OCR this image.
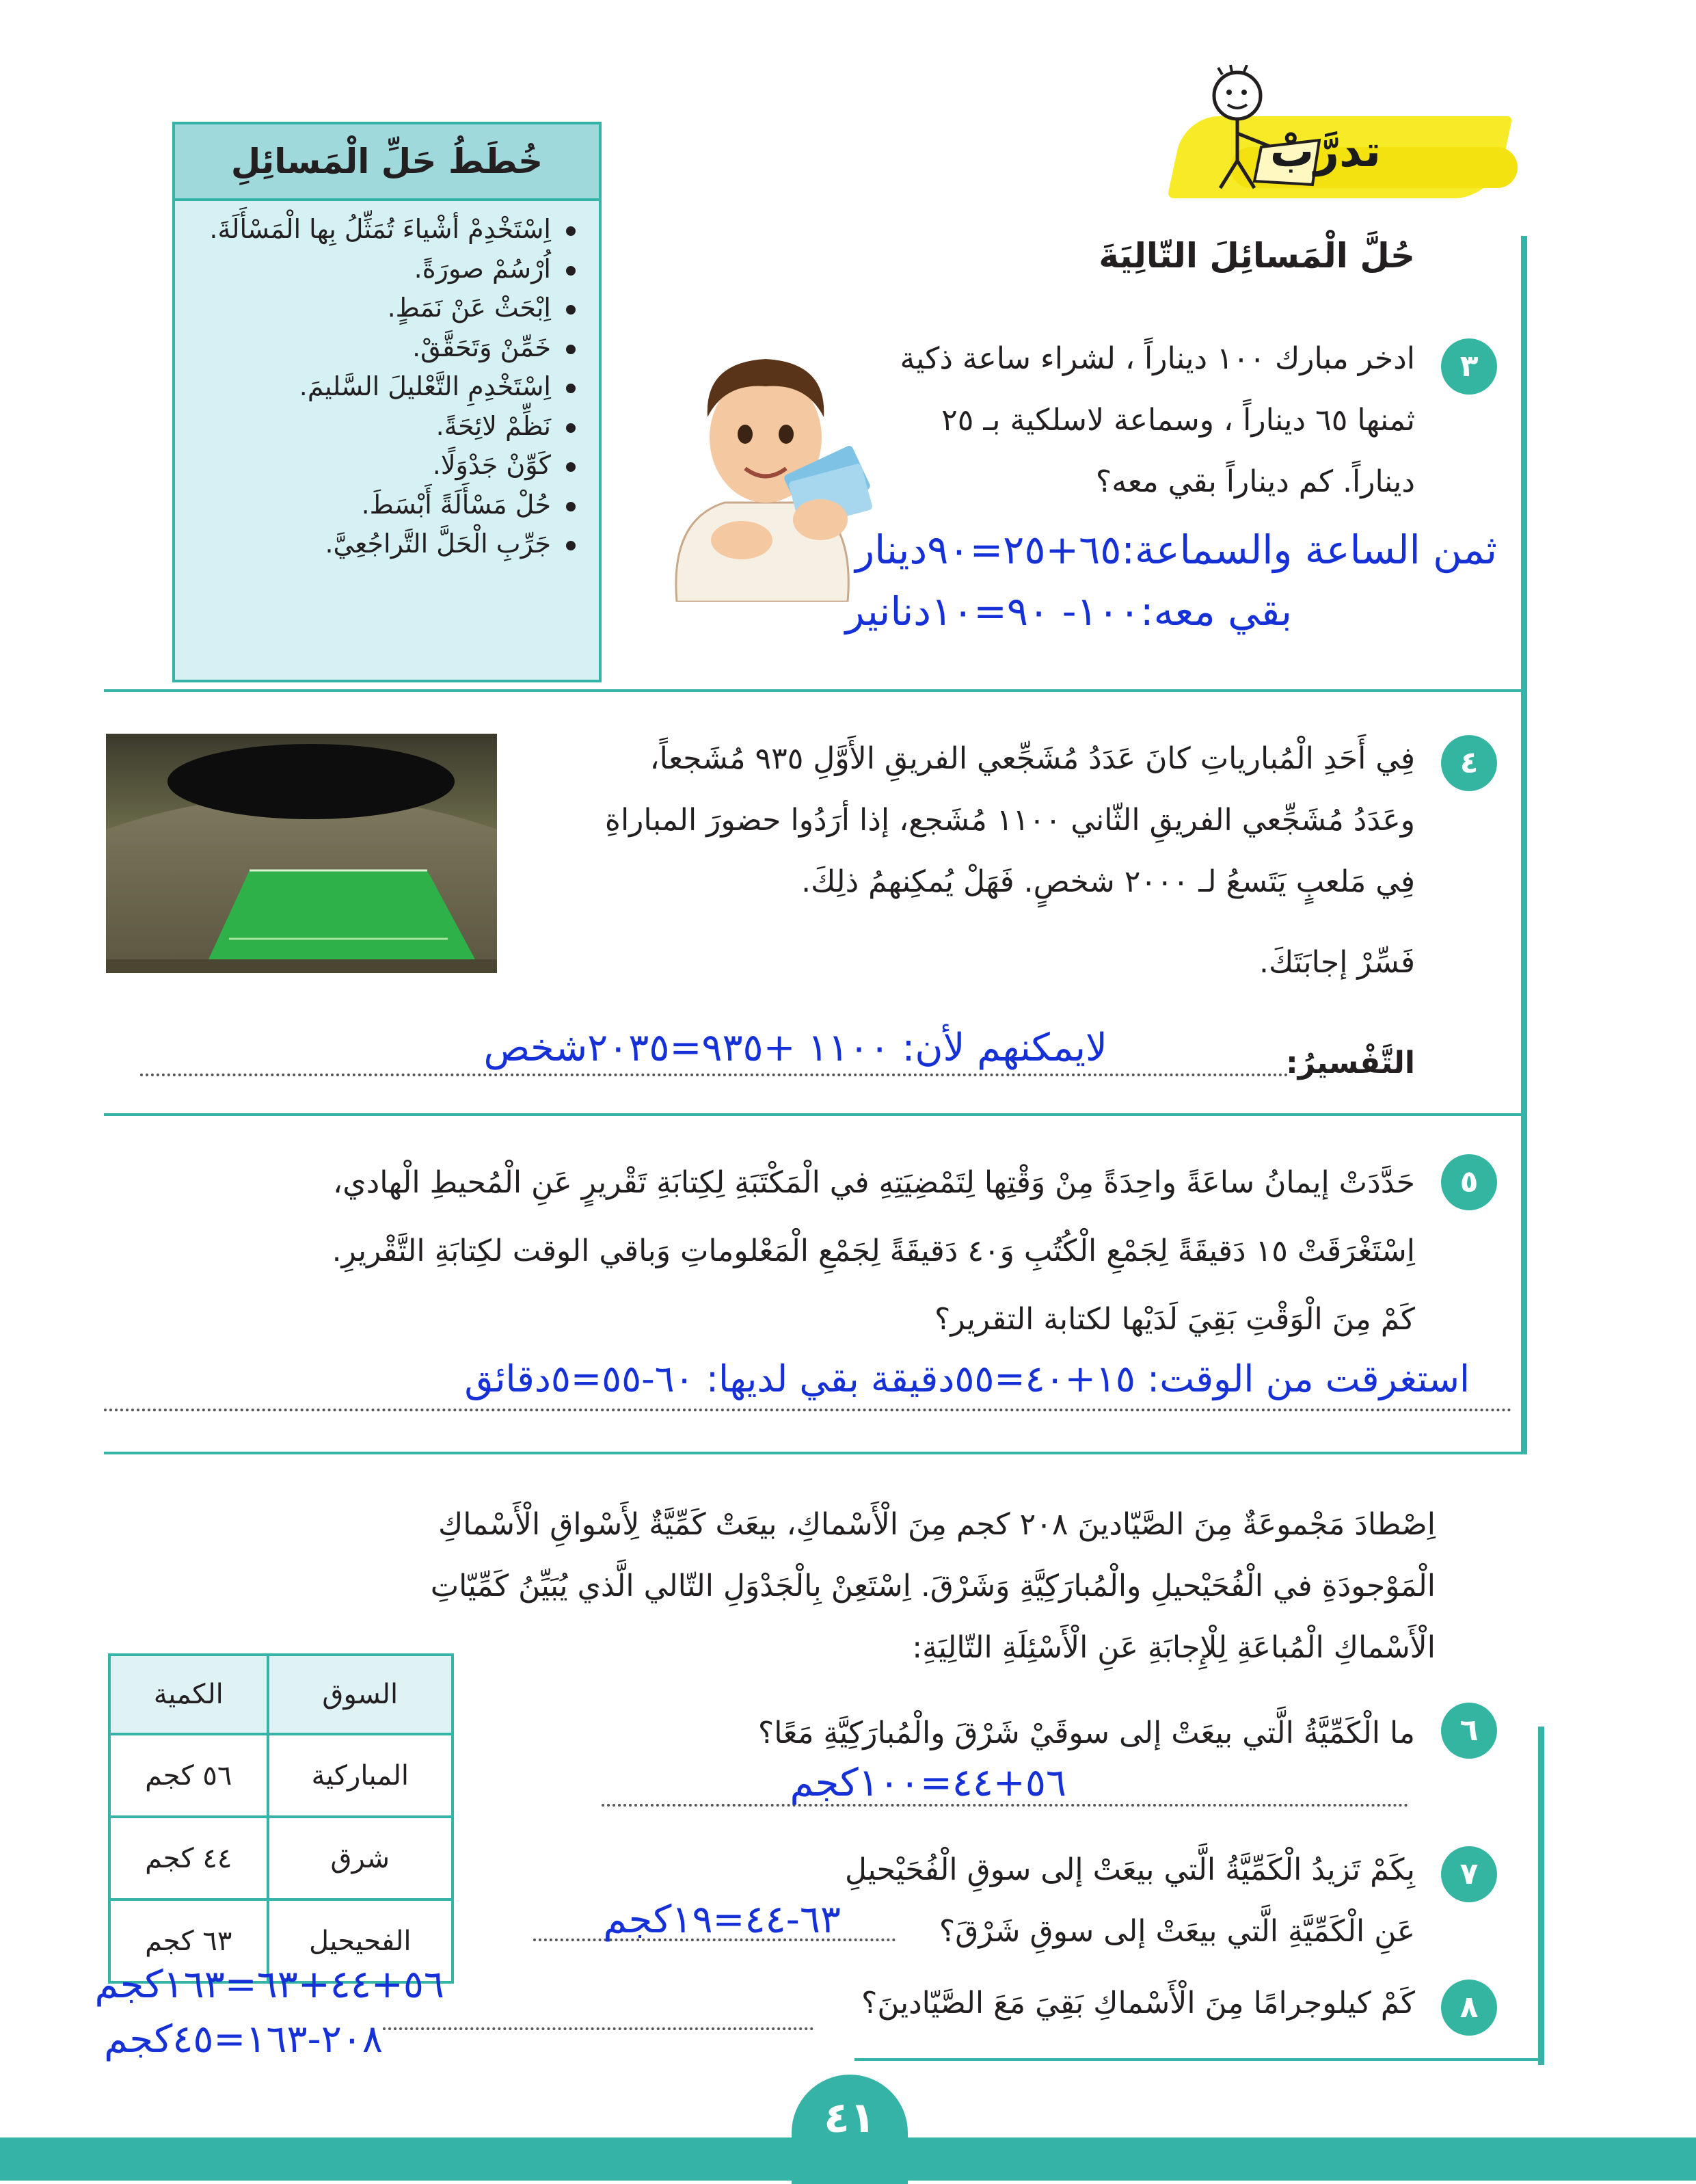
تدرَّبْ
خُطَطُ حَلِّ الْمَسائِلِ
اِسْتَخْدِمْ أشْياءَ تُمَثِّلُ بِها الْمَسْأَلَةَ.
اُرْسُمْ صورَةً.
اِبْحَثْ عَنْ نَمَطٍ.
خَمِّنْ وَتَحَقَّقْ.
اِسْتَخْدِمِ التَّعْليلَ السَّليمَ.
نَظِّمْ لائِحَةً.
كَوِّنْ جَدْوَلًا.
حُلْ مَسْأَلَةً أَبْسَطَ.
جَرِّبِ الْحَلَّ التَّراجُعِيَّ.
حُلَّ الْمَسائِلَ التّالِيَةَ
٣
ادخر مبارك ١٠٠ ديناراً ، لشراء ساعة ذكية
ثمنها ٦٥ ديناراً ، وسماعة لاسلكية بـ ٢٥
ديناراً. كم ديناراً بقي معه؟
ثمن الساعة والسماعة:٦٥+٢٥=٩٠دينار
بقي معه:١٠٠- ٩٠=١٠دنانير
٤
فِي أَحَدِ الْمُبارياتِ كانَ عَدَدُ مُشَجِّعي الفريقِ الأَوَّلِ ٩٣٥ مُشَجعاً،
وعَدَدُ مُشَجِّعي الفريقِ الثّاني ١١٠٠ مُشَجع، إذا أرَدُوا حضورَ المباراةِ
فِي مَلعبٍ يَتَسعُ لـ ٢٠٠٠ شخصٍ. فَهَلْ يُمكِنهمُ ذلِكَ.
فَسِّرْ إجابَتَكَ.
التَّفْسيرُ:
لايمكنهم لأن: ١١٠٠ +٩٣٥=٢٠٣٥شخص
٥
حَدَّدَتْ إيمانُ ساعَةً واحِدَةً مِنْ وَقْتِها لِتَمْضِيَتِهِ في الْمَكْتَبَةِ لِكِتابَةِ تَقْريرٍ عَنِ الْمُحيطِ الْهادي،
اِسْتَغْرَقَتْ ١٥ دَقيقَةً لِجَمْعِ الْكُتُبِ وَ٤٠ دَقيقَةً لِجَمْعِ الْمَعْلوماتِ وَباقي الوقت لكِتابَةِ التَّقْريرِ.
كَمْ مِنَ الْوَقْتِ بَقِيَ لَدَيْها لكتابة التقرير؟
استغرقت من الوقت: ١٥+٤٠=٥٥دقيقة بقي لديها: ٦٠-٥٥=٥دقائق
اِصْطادَ مَجْموعَةٌ مِنَ الصَّيّادينَ ٢٠٨ كجم مِنَ الْأَسْماكِ، بيعَتْ كَمِّيَّةٌ لِأَسْواقِ الْأَسْماكِ
الْمَوْجودَةِ في الْفُحَيْحيلِ والْمُبارَكِيَّةِ وَشَرْقَ. اِسْتَعِنْ بِالْجَدْوَلِ التّالي الَّذي يُبَيِّنُ كَمِّيّاتِ
الْأَسْماكِ الْمُباعَةِ لِلْإِجابَةِ عَنِ الْأَسْئِلَةِ التّالِيَةِ:
السوق	الكمية
المباركية	٥٦ كجم
شرق	٤٤ كجم
الفحيحيل	٦٣ كجم
٦
ما الْكَمِّيَّةُ الَّتي بيعَتْ إلى سوقَيْ شَرْقَ والْمُبارَكِيَّةِ مَعًا؟
٥٦+٤٤=١٠٠كجم
٧
بِكَمْ تَزيدُ الْكَمِّيَّةُ الَّتي بيعَتْ إلى سوقِ الْفُحَيْحيلِ
عَنِ الْكَمِّيَّةِ الَّتي بيعَتْ إلى سوقِ شَرْقَ؟
٦٣-٤٤=١٩كجم
٨
كَمْ كيلوجرامًا مِنَ الْأَسْماكِ بَقِيَ مَعَ الصَّيّادينَ؟
٥٦+٤٤+٦٣=١٦٣كجم
٢٠٨-١٦٣=٤٥كجم
٤١
